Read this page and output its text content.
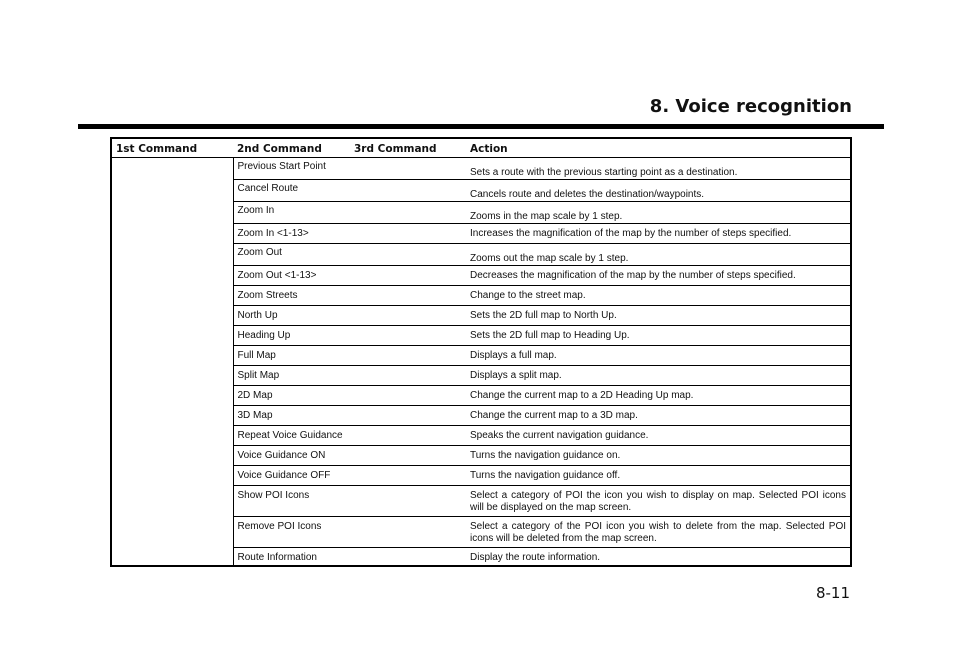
8. Voice recognition
1st Command	2nd Command	3rd Command	Action
	Previous Start Point		Sets a route with the previous starting point as a destination.
	Cancel Route		Cancels route and deletes the destination/waypoints.
	Zoom In		Zooms in the map scale by 1 step.
	Zoom In <1-13>		Increases the magnification of the map by the number of steps specified.
	Zoom Out		Zooms out the map scale by 1 step.
	Zoom Out <1-13>		Decreases the magnification of the map by the number of steps specified.
	Zoom Streets		Change to the street map.
	North Up		Sets the 2D full map to North Up.
	Heading Up		Sets the 2D full map to Heading Up.
	Full Map		Displays a full map.
	Split Map		Displays a split map.
	2D Map		Change the current map to a 2D Heading Up map.
	3D Map		Change the current map to a 3D map.
	Repeat Voice Guidance		Speaks the current navigation guidance.
	Voice Guidance ON		Turns the navigation guidance on.
	Voice Guidance OFF		Turns the navigation guidance off.
	Show POI Icons		Select a category of POI the icon you wish to display on map. Selected POI icons will be displayed on the map screen.
	Remove POI Icons		Select a category of the POI icon you wish to delete from the map. Selected POI icons will be deleted from the map screen.
	Route Information		Display the route information.
8-11
